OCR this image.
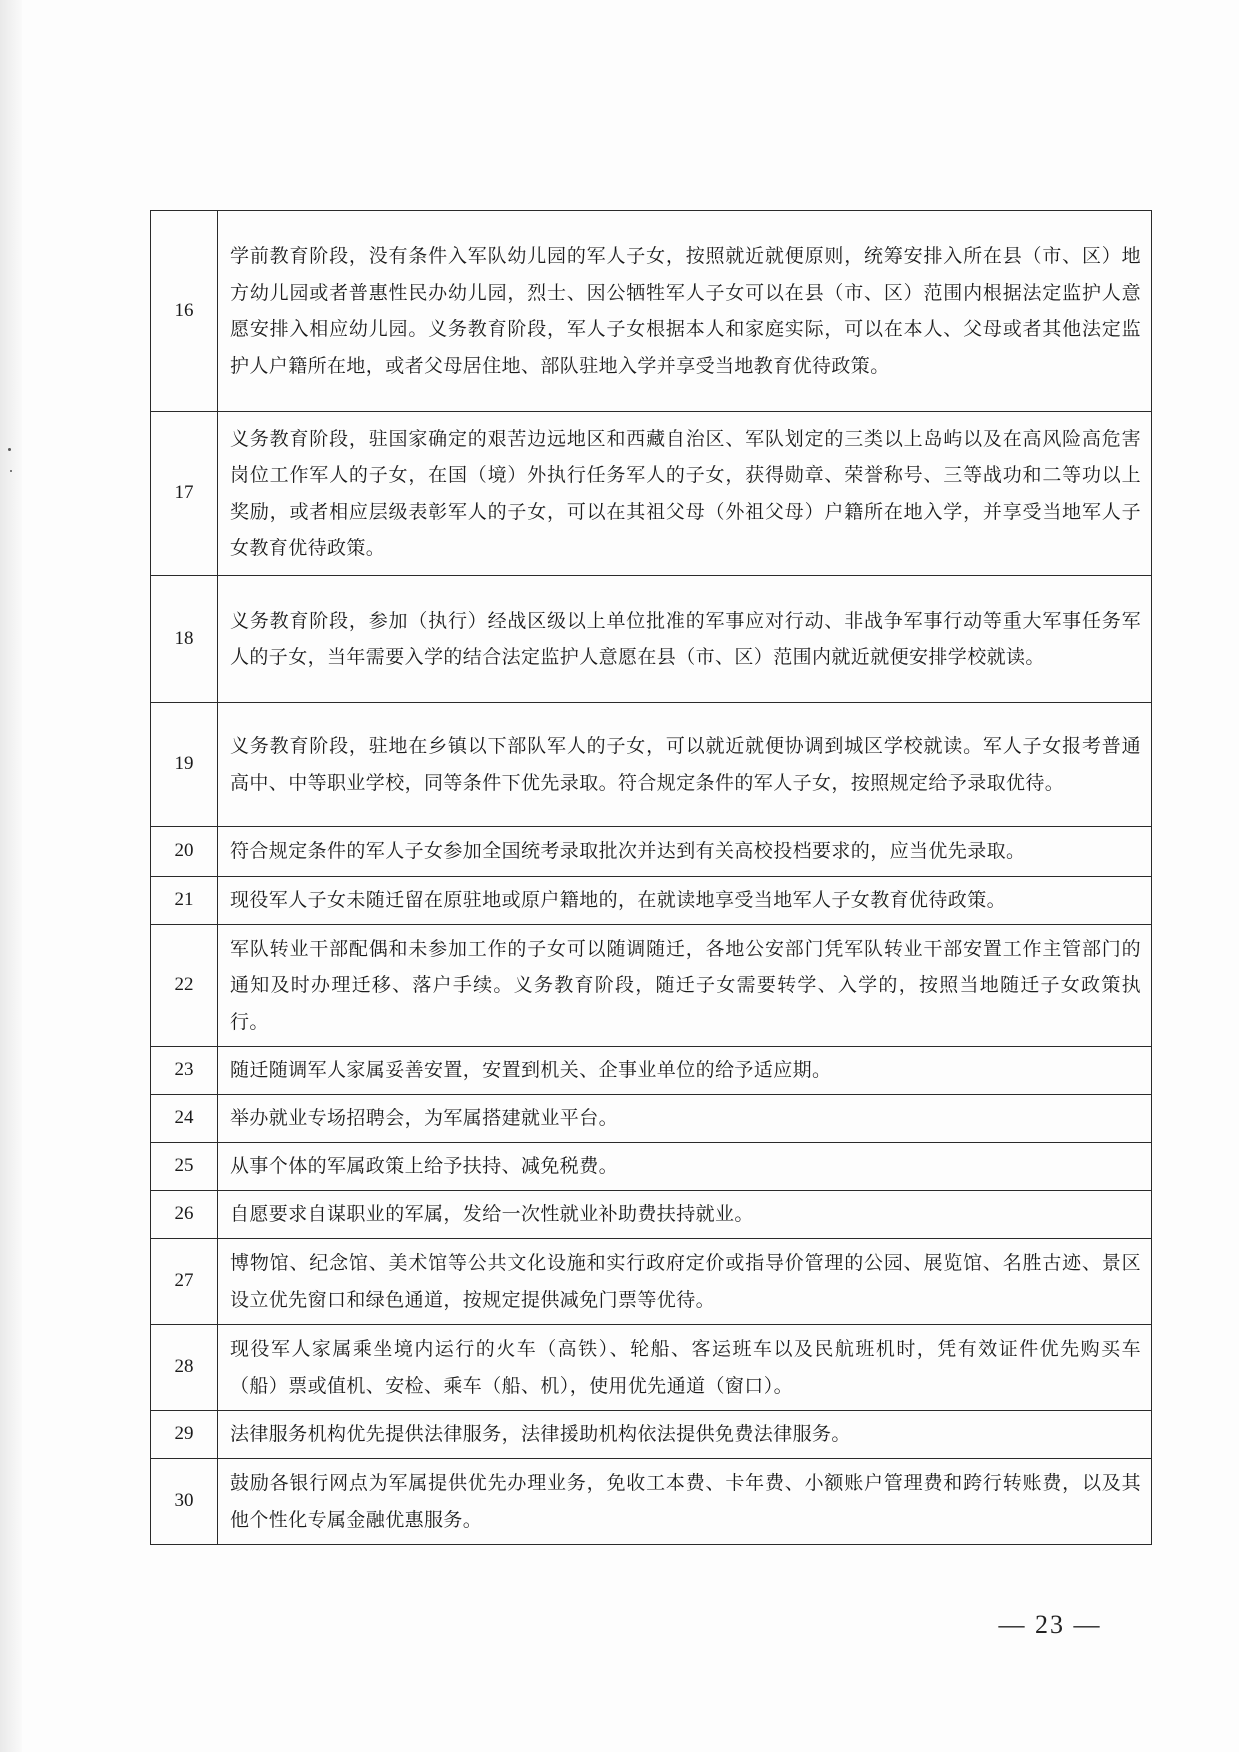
16	学前教育阶段，没有条件入军队幼儿园的军人子女，按照就近就便原则，统筹安排入所在县（市、区）地方幼儿园或者普惠性民办幼儿园，烈士、因公牺牲军人子女可以在县（市、区）范围内根据法定监护人意愿安排入相应幼儿园。义务教育阶段，军人子女根据本人和家庭实际，可以在本人、父母或者其他法定监护人户籍所在地，或者父母居住地、部队驻地入学并享受当地教育优待政策。
17	义务教育阶段，驻国家确定的艰苦边远地区和西藏自治区、军队划定的三类以上岛屿以及在高风险高危害岗位工作军人的子女，在国（境）外执行任务军人的子女，获得勋章、荣誉称号、三等战功和二等功以上奖励，或者相应层级表彰军人的子女，可以在其祖父母（外祖父母）户籍所在地入学，并享受当地军人子女教育优待政策。
18	义务教育阶段，参加（执行）经战区级以上单位批准的军事应对行动、非战争军事行动等重大军事任务军人的子女，当年需要入学的结合法定监护人意愿在县（市、区）范围内就近就便安排学校就读。
19	义务教育阶段，驻地在乡镇以下部队军人的子女，可以就近就便协调到城区学校就读。军人子女报考普通高中、中等职业学校，同等条件下优先录取。符合规定条件的军人子女，按照规定给予录取优待。
20	符合规定条件的军人子女参加全国统考录取批次并达到有关高校投档要求的，应当优先录取。
21	现役军人子女未随迁留在原驻地或原户籍地的，在就读地享受当地军人子女教育优待政策。
22	军队转业干部配偶和未参加工作的子女可以随调随迁，各地公安部门凭军队转业干部安置工作主管部门的通知及时办理迁移、落户手续。义务教育阶段，随迁子女需要转学、入学的，按照当地随迁子女政策执行。
23	随迁随调军人家属妥善安置，安置到机关、企事业单位的给予适应期。
24	举办就业专场招聘会，为军属搭建就业平台。
25	从事个体的军属政策上给予扶持、减免税费。
26	自愿要求自谋职业的军属，发给一次性就业补助费扶持就业。
27	博物馆、纪念馆、美术馆等公共文化设施和实行政府定价或指导价管理的公园、展览馆、名胜古迹、景区设立优先窗口和绿色通道，按规定提供减免门票等优待。
28	现役军人家属乘坐境内运行的火车（高铁）、轮船、客运班车以及民航班机时，凭有效证件优先购买车（船）票或值机、安检、乘车（船、机），使用优先通道（窗口）。
29	法律服务机构优先提供法律服务，法律援助机构依法提供免费法律服务。
30	鼓励各银行网点为军属提供优先办理业务，免收工本费、卡年费、小额账户管理费和跨行转账费，以及其他个性化专属金融优惠服务。
— 23 —
